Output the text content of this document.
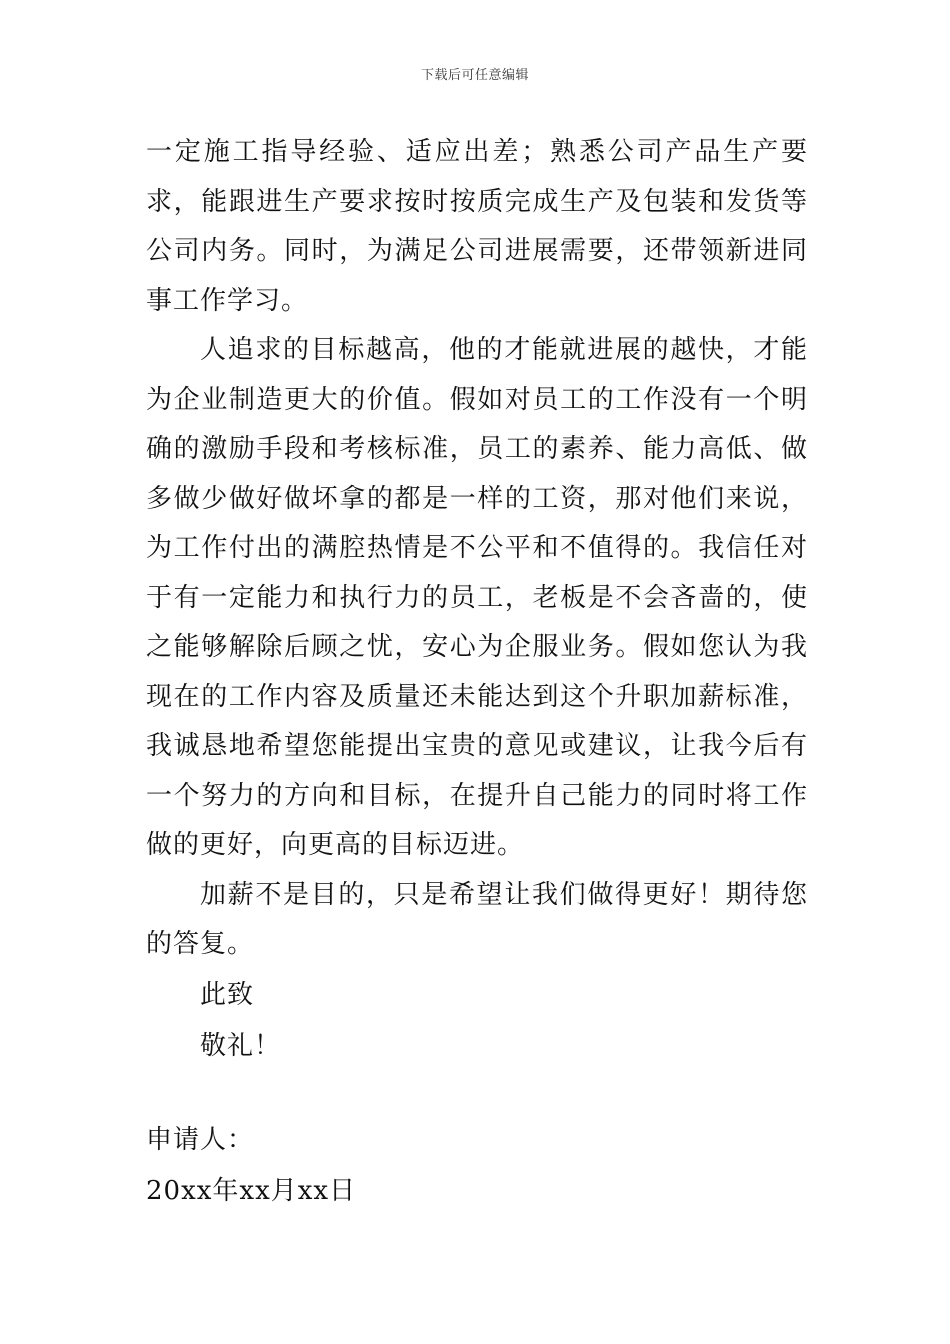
下载后可任意编辑

一定施工指导经验、适应出差；熟悉公司产品生产要求，能跟进生产要求按时按质完成生产及包装和发货等公司内务。同时，为满足公司进展需要，还带领新进同事工作学习。

人追求的目标越高，他的才能就进展的越快，才能为企业制造更大的价值。假如对员工的工作没有一个明确的激励手段和考核标准，员工的素养、能力高低、做多做少做好做坏拿的都是一样的工资，那对他们来说，为工作付出的满腔热情是不公平和不值得的。我信任对于有一定能力和执行力的员工，老板是不会吝啬的，使之能够解除后顾之忧，安心为企服业务。假如您认为我现在的工作内容及质量还未能达到这个升职加薪标准，我诚恳地希望您能提出宝贵的意见或建议，让我今后有一个努力的方向和目标，在提升自己能力的同时将工作做的更好，向更高的目标迈进。

加薪不是目的，只是希望让我们做得更好！期待您的答复。

此致

敬礼！

申请人：

20xx年xx月xx日
